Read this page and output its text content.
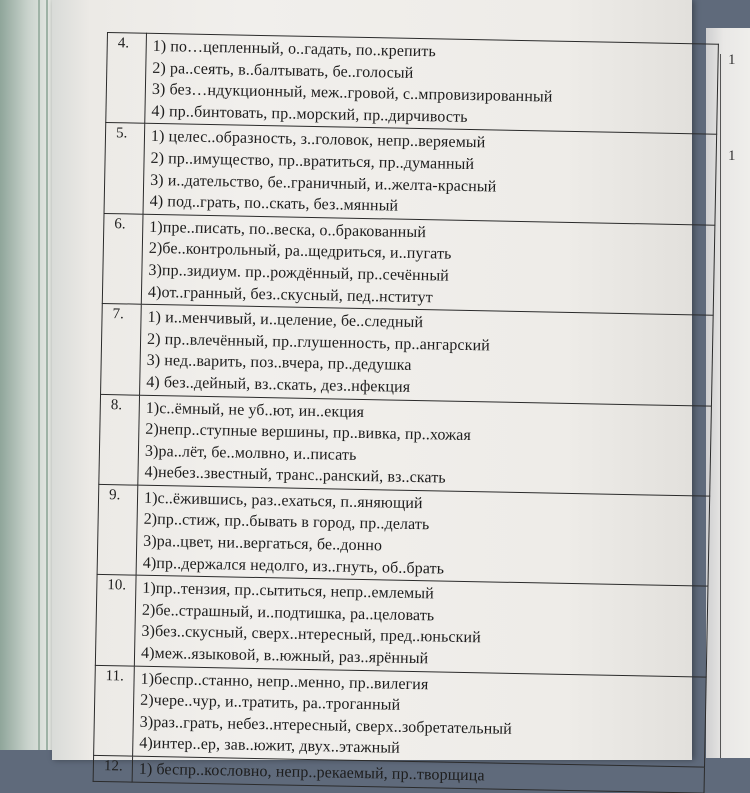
1
1
4.	1) по…цепленный, о..гадать, по..крепить
2) ра..сеять, в..балтывать, бе..голосый
3) без…ндукционный, меж..гровой, с..мпровизированный
4) пр..бинтовать, пр..морский, пр..дирчивость

5.	1) целес..образность, з..головок, непр..веряемый
2) пр..имущество, пр..вратиться, пр..думанный
3) и..дательство, бе..граничный, и..желта-красный
4) под..грать, по..скать, без..мянный

6.	1)пре..писать, по..веска, о..бракованный
2)бе..контрольный, ра..щедриться, и..пугать
3)пр..зидиум. пр..рождённый, пр..сечённый
4)от..гранный, без..скусный, пед..нститут

7.	1) и..менчивый, и..целение, бе..следный
2) пр..влечённый, пр..глушенность, пр..ангарский
3) нед..варить, поз..вчера, пр..дедушка
4) без..дейный, вз..скать, дез..нфекция

8.	1)с..ёмный, не уб..ют, ин..екция
2)непр..ступные вершины, пр..вивка, пр..хожая
3)ра..лёт, бе..молвно, и..писать
4)небез..звестный, транс..ранский, вз..скать

9.	1)с..ёжившись, раз..ехаться, п..яняющий
2)пр..стиж, пр..бывать в город, пр..делать
3)ра..цвет, ни..вергаться, бе..донно
4)пр..держался недолго, из..гнуть, об..брать

10.	1)пр..тензия, пр..сытиться, непр..емлемый
2)бе..страшный, и..подтишка, ра..целовать
3)без..скусный, сверх..нтересный, пред..юньский
4)меж..языковой, в..южный, раз..ярённый

11.	1)беспр..станно, непр..менно, пр..вилегия
2)чере..чур, и..тратить, ра..троганный
3)раз..грать, небез..нтересный, сверх..зобретательный
4)интер..ер, зав..южит, двух..этажный

12.	1) беспр..кословно, непр..рекаемый, пр..творщица
